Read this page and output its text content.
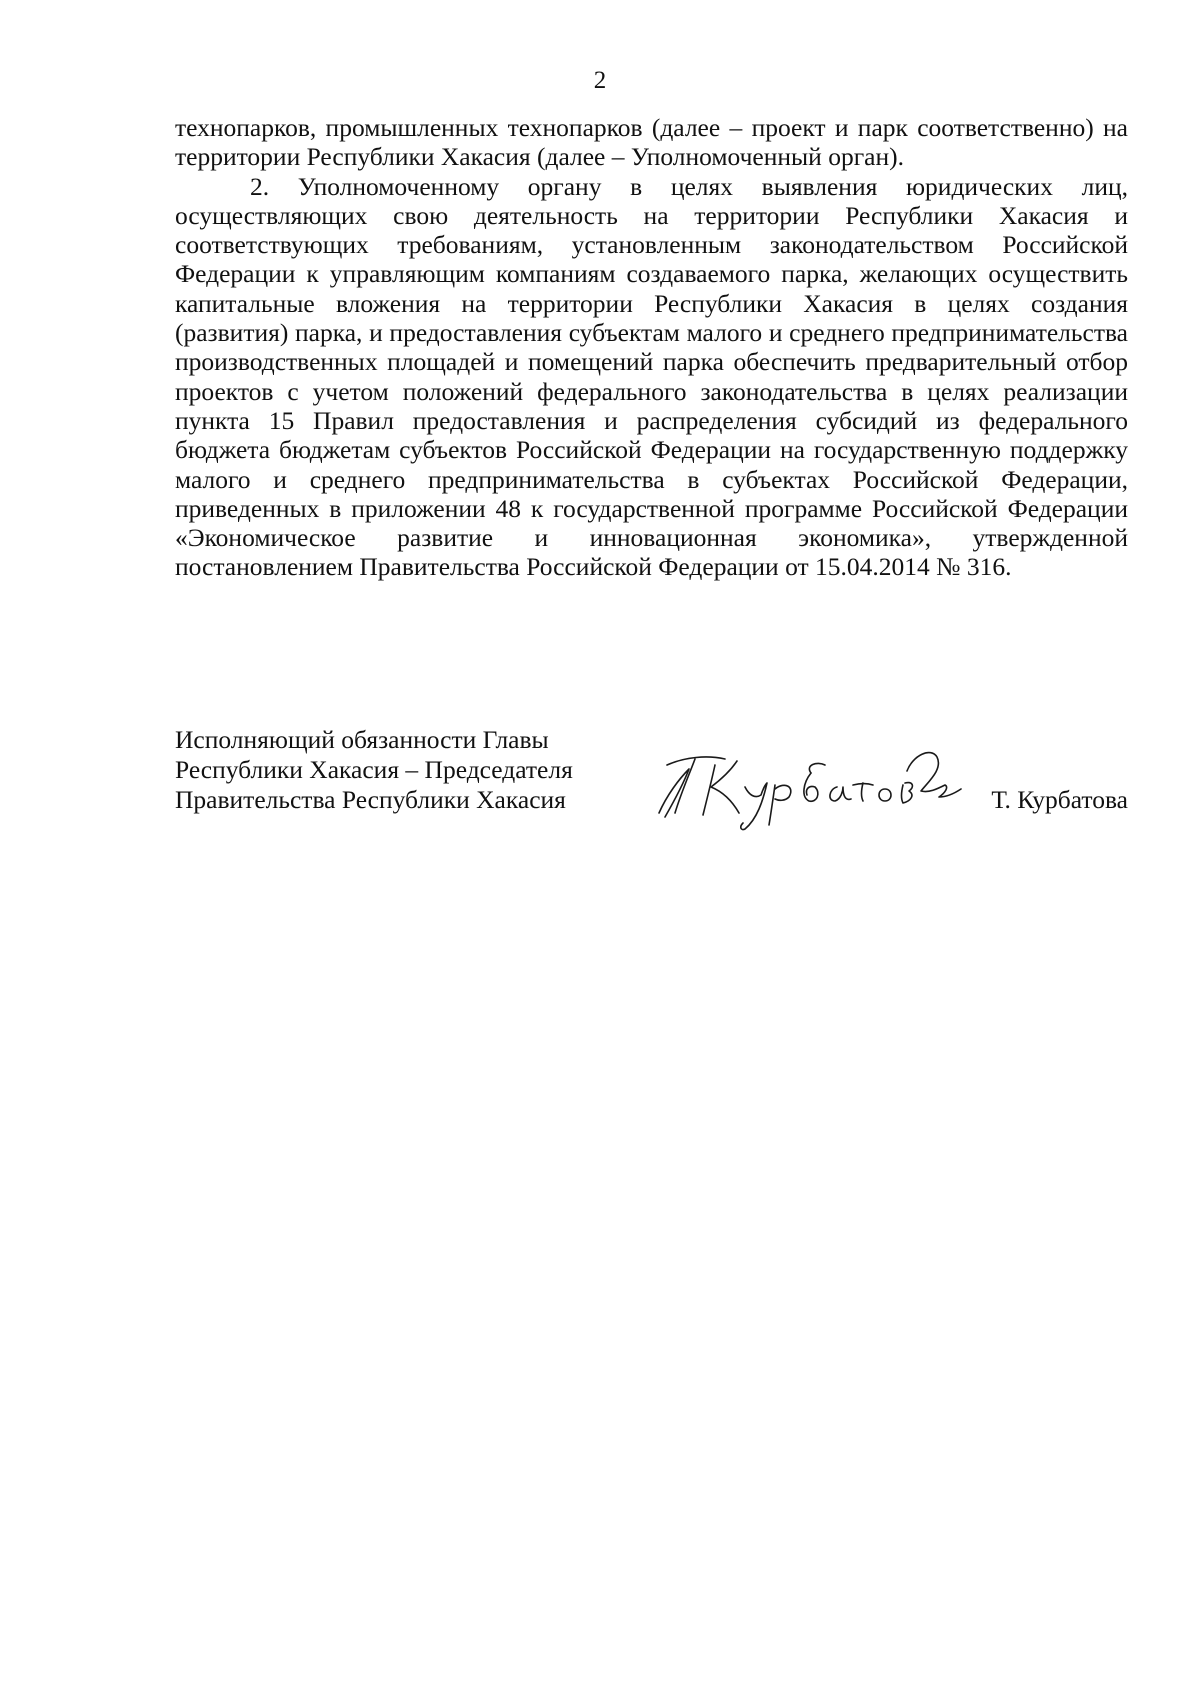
2

технопарков, промышленных технопарков (далее – проект и парк соответственно) на территории Республики Хакасия (далее – Уполномоченный орган).

2. Уполномоченному органу в целях выявления юридических лиц, осуществляющих свою деятельность на территории Республики Хакасия и соответствующих требованиям, установленным законодательством Российской Федерации к управляющим компаниям создаваемого парка, желающих осуществить капитальные вложения на территории Республики Хакасия в целях создания (развития) парка, и предоставления субъектам малого и среднего предпринимательства производственных площадей и помещений парка обеспечить предварительный отбор проектов с учетом положений федерального законодательства в целях реализации пункта 15 Правил предоставления и распределения субсидий из федерального бюджета бюджетам субъектов Российской Федерации на государственную поддержку малого и среднего предпринимательства в субъектах Российской Федерации, приведенных в приложении 48 к государственной программе Российской Федерации «Экономическое развитие и инновационная экономика», утвержденной постановлением Правительства Российской Федерации от 15.04.2014 № 316.

Исполняющий обязанности Главы
Республики Хакасия – Председателя
Правительства Республики Хакасия	Т. Курбатова
